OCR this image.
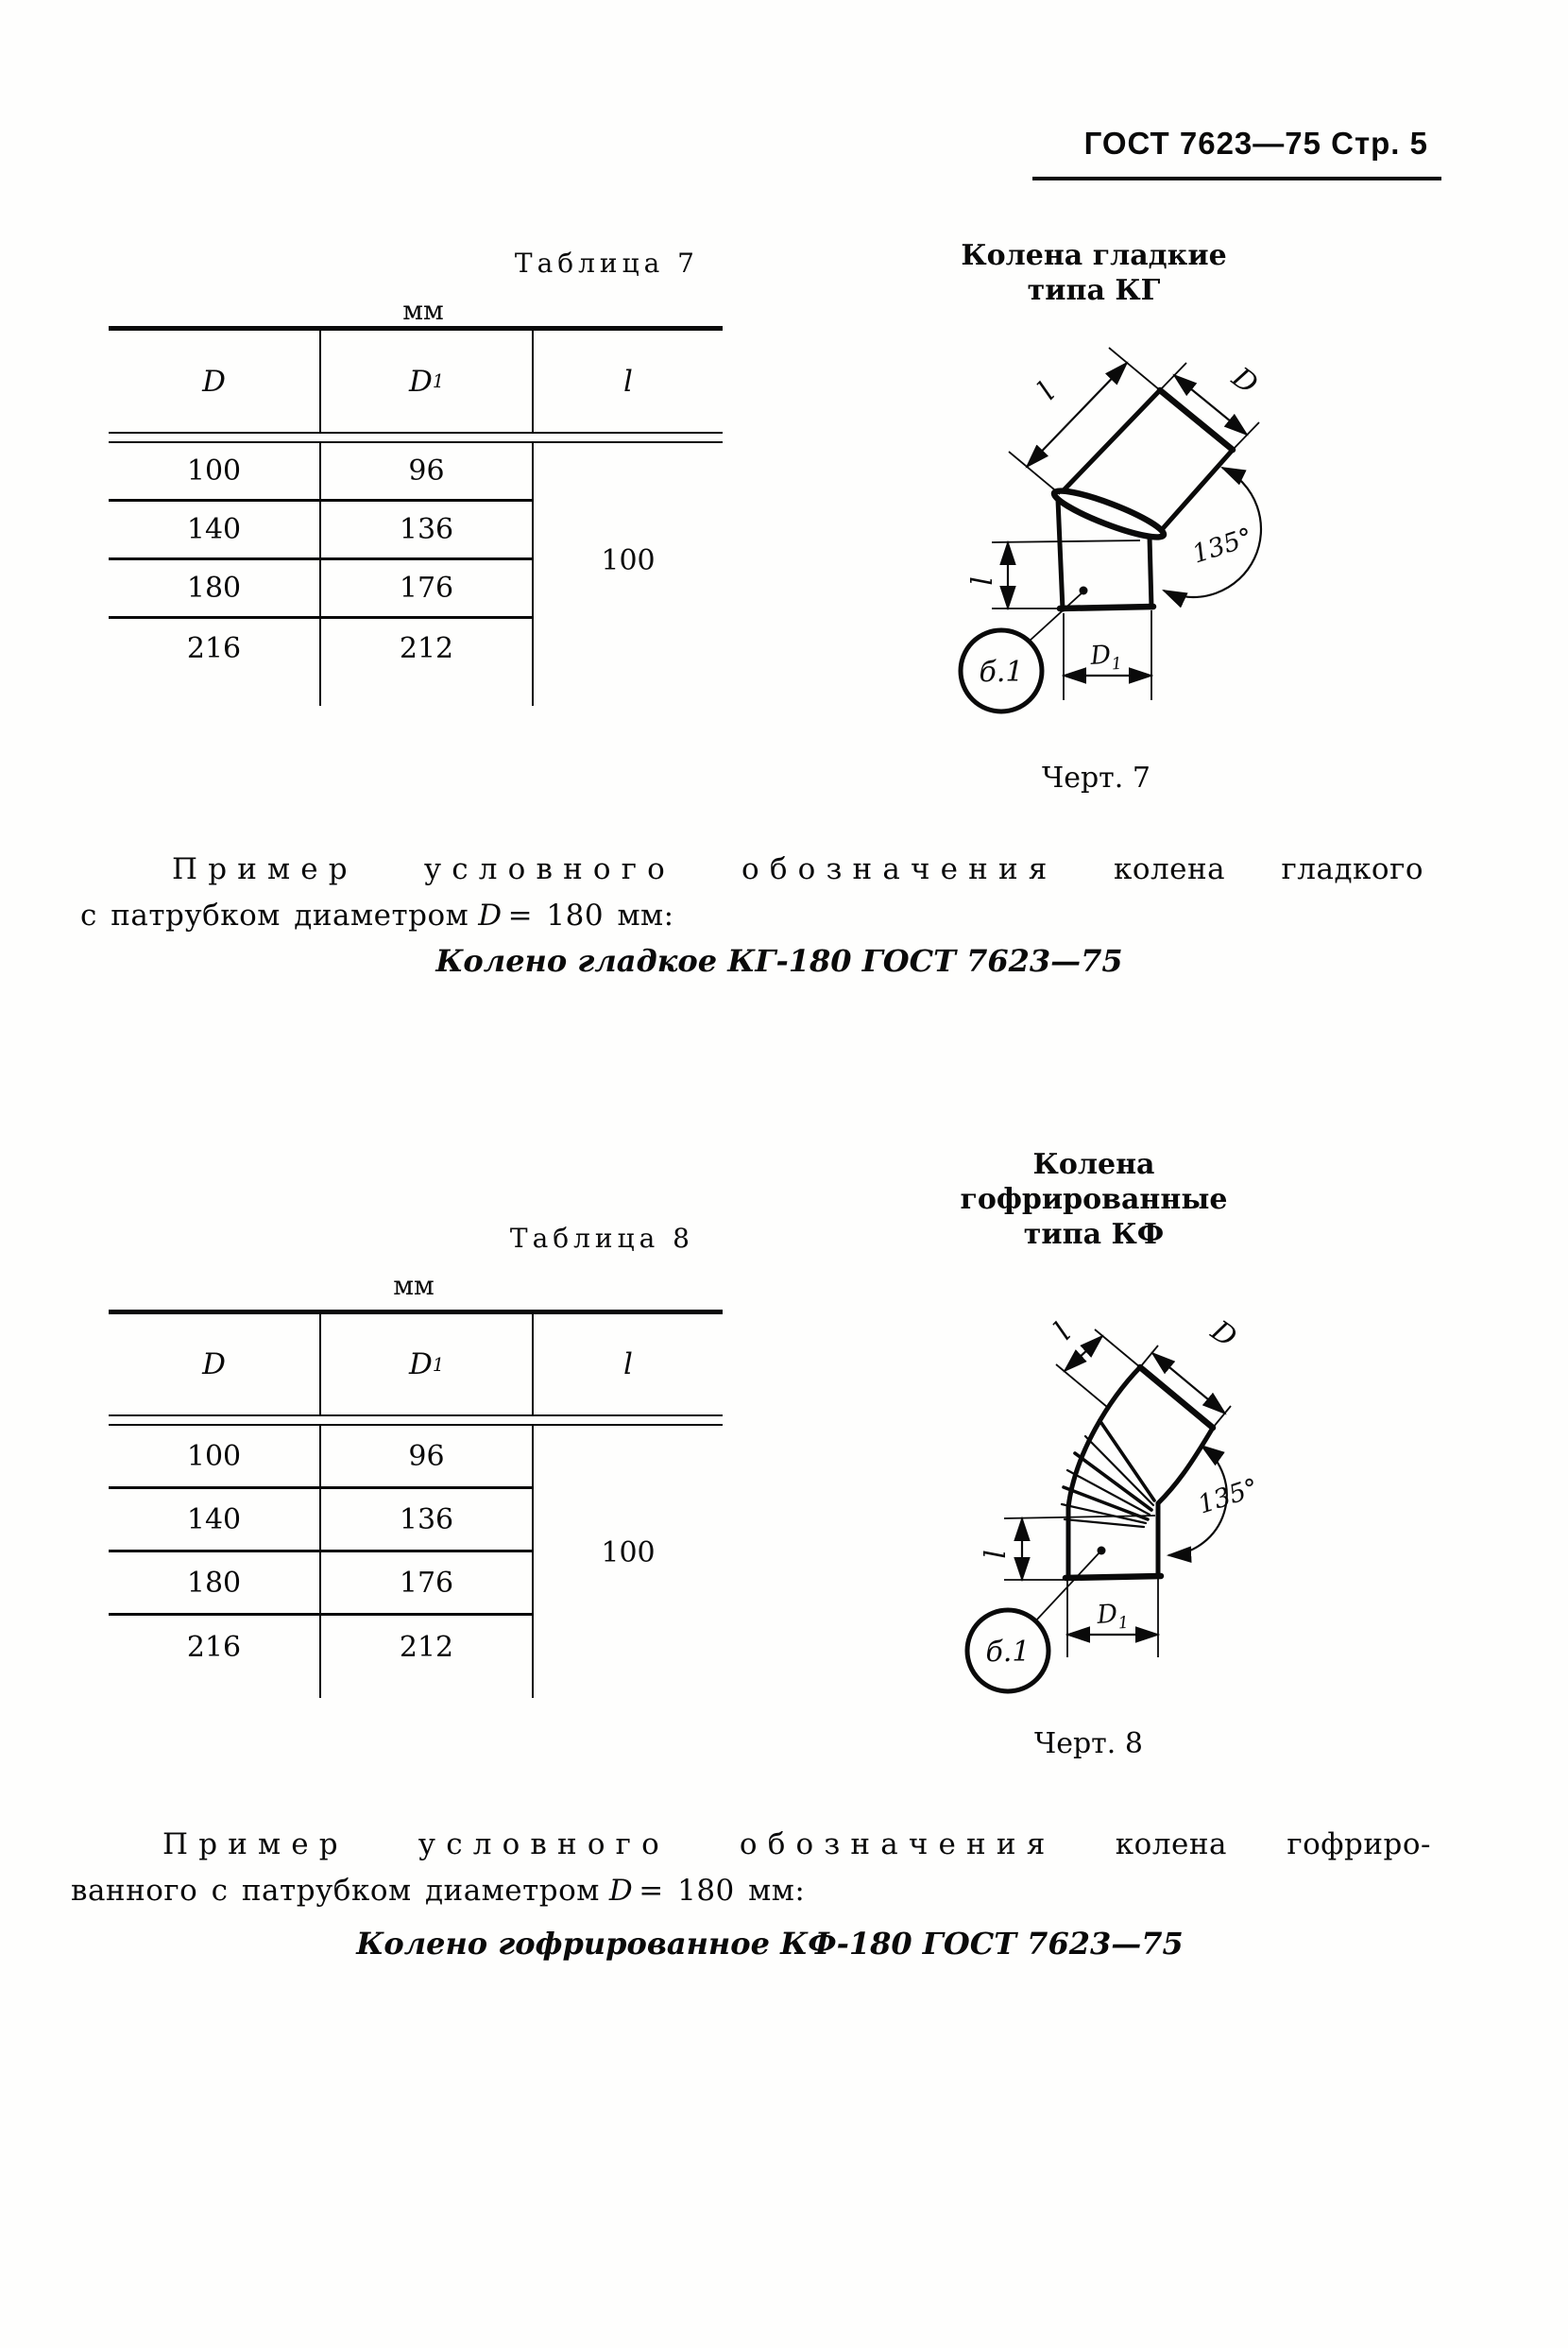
ГОСТ 7623—75 Стр. 5
Таблица 7
мм
D	D 1	l
100	96
140	136
180	176
216	212
100
Колена гладкие
типа КГ
l	D
135°
l
$D_1$
б.1
Черт. 7
Пример условного обозначения колена гладкого
с патрубком диаметром D = 180 мм:
Колено гладкое КГ-180 ГОСТ 7623—75
Колена
гофрированные
типа КФ
Таблица 8
мм
D	D 1	l
100	96
140	136
180	176
216	212
100
l	D
135°
l
$D_1$
б.1
Черт. 8
Пример условного обозначения колена гофриро-
ванного с патрубком диаметром D = 180 мм:
Колено гофрированное КФ-180 ГОСТ 7623—75
